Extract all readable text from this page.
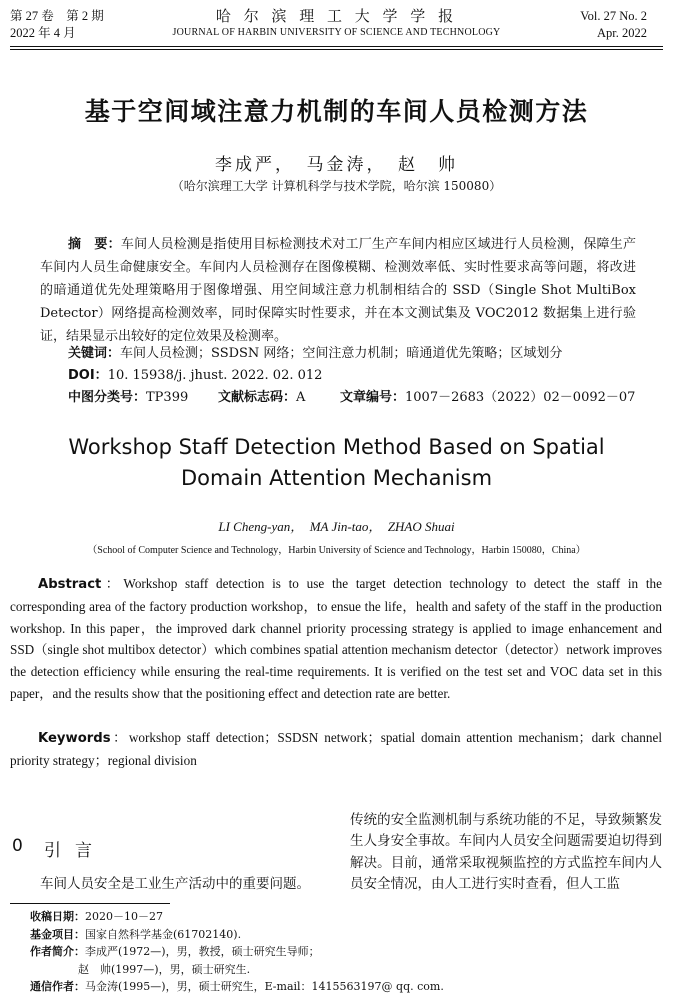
第 27 卷　第 2 期
2022 年 4 月
哈 尔 滨 理 工 大 学 学 报
JOURNAL OF HARBIN UNIVERSITY OF SCIENCE AND TECHNOLOGY
Vol. 27 No. 2
Apr. 2022
基于空间域注意力机制的车间人员检测方法
李成严，　马金涛，　赵　帅
（哈尔滨理工大学 计算机科学与技术学院，哈尔滨 150080）
摘　要：车间人员检测是指使用目标检测技术对工厂生产车间内相应区域进行人员检测，保障生产车间内人员生命健康安全。车间内人员检测存在图像模糊、检测效率低、实时性要求高等问题，将改进的暗通道优先处理策略用于图像增强、用空间域注意力机制相结合的 SSD（Single Shot MultiBox Detector）网络提高检测效率，同时保障实时性要求，并在本文测试集及 VOC2012 数据集上进行验证，结果显示出较好的定位效果及检测率。
关键词：车间人员检测；SSDSN 网络；空间注意力机制；暗通道优先策略；区域划分
DOI：10. 15938/j. jhust. 2022. 02. 012
中图分类号：TP399 文献标志码：A	文章编号：1007－2683（2022）02－0092－07
Workshop Staff Detection Method Based on Spatial
Domain Attention Mechanism
LI Cheng-yan，　MA Jin-tao，　ZHAO Shuai
（School of Computer Science and Technology，Harbin University of Science and Technology，Harbin 150080，China）
Abstract：Workshop staff detection is to use the target detection technology to detect the staff in the corresponding area of the factory production workshop，to ensue the life，health and safety of the staff in the production workshop. In this paper，the improved dark channel priority processing strategy is applied to image enhancement and SSD（single shot multibox detector）which combines spatial attention mechanism detector（detector）network improves the detection efficiency while ensuring the real-time requirements. It is verified on the test set and VOC data set in this paper，and the results show that the positioning effect and detection rate are better.
Keywords：workshop staff detection；SSDSN network；spatial domain attention mechanism；dark channel priority strategy；regional division
0 引言
车间人员安全是工业生产活动中的重要问题。
传统的安全监测机制与系统功能的不足，导致频繁发生人身安全事故。车间内人员安全问题需要迫切得到解决。目前，通常采取视频监控的方式监控车间内人员安全情况，由人工进行实时查看，但人工监
收稿日期：2020－10－27
基金项目：国家自然科学基金(61702140).
作者简介：李成严(1972—)，男，教授，硕士研究生导师；
赵　帅(1997—)，男，硕士研究生.
通信作者：马金涛(1995—)，男，硕士研究生，E-mail：1415563197@ qq. com.
